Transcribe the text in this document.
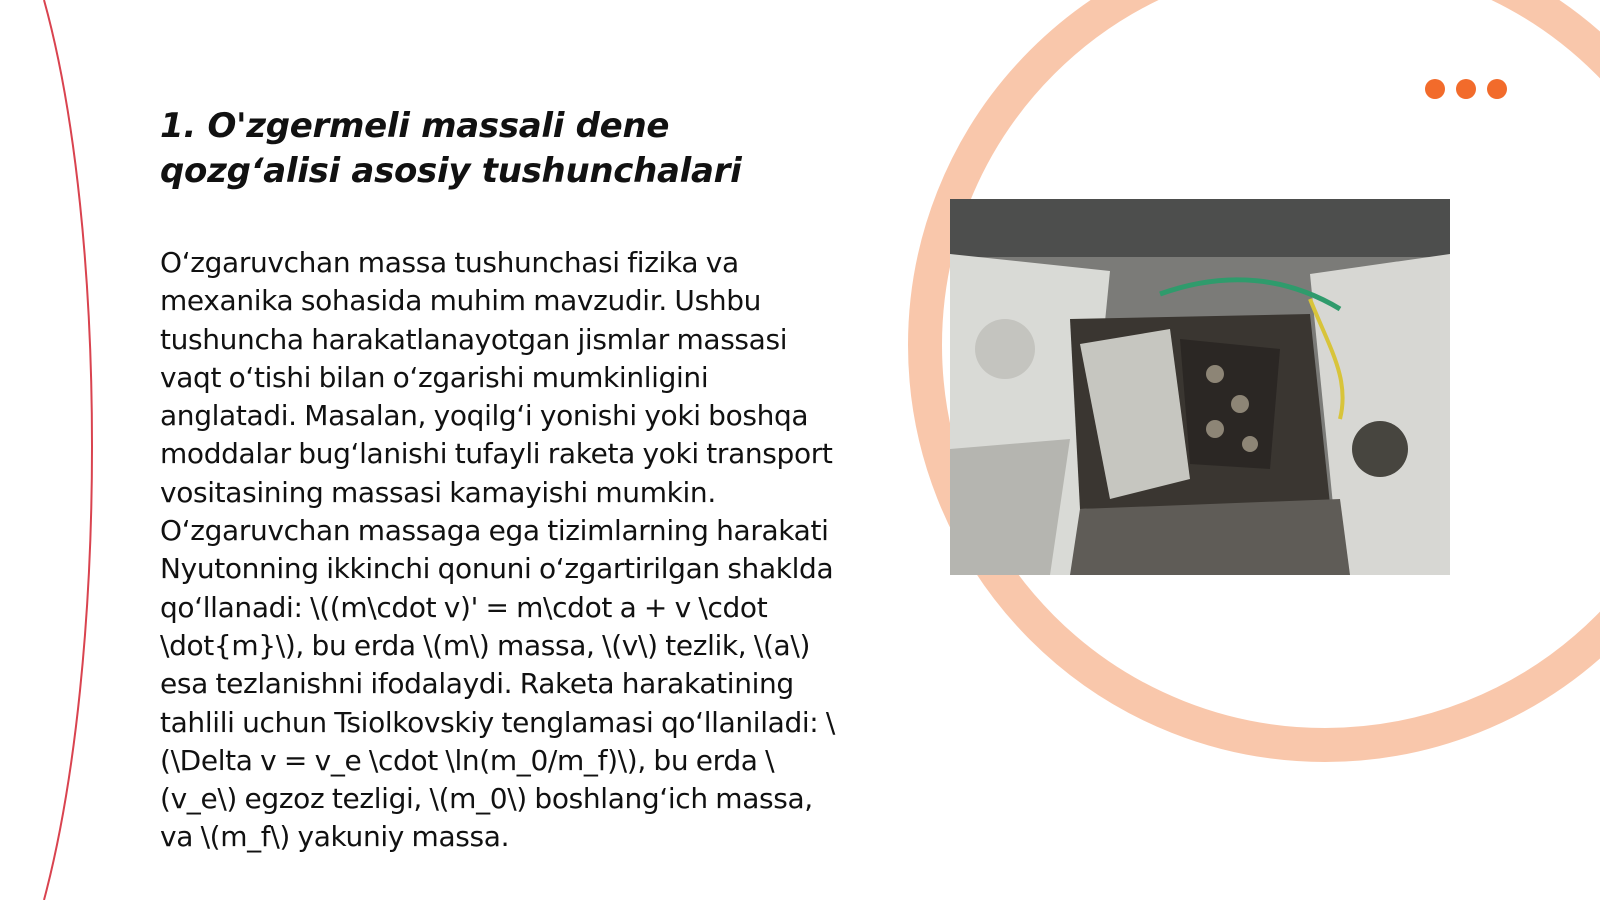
1. O'zgermeli massali dene qozg‘alisi asosiy tushunchalari

O‘zgaruvchan massa tushunchasi fizika va mexanika sohasida muhim mavzudir. Ushbu tushuncha harakatlanayotgan jismlar massasi vaqt o‘tishi bilan o‘zgarishi mumkinligini anglatadi. Masalan, yoqilg‘i yonishi yoki boshqa moddalar bug‘lanishi tufayli raketa yoki transport vositasining massasi kamayishi mumkin. O‘zgaruvchan massaga ega tizimlarning harakati Nyutonning ikkinchi qonuni o‘zgartirilgan shaklda qo‘llanadi: \((m\cdot v)' = m\cdot a + v \cdot \dot{m}\), bu erda \(m\) massa, \(v\) tezlik, \(a\) esa tezlanishni ifodalaydi. Raketa harakatining tahlili uchun Tsiolkovskiy tenglamasi qo‘llaniladi: \(\Delta v = v_e \cdot \ln(m_0/m_f)\), bu erda \(v_e\) egzoz tezligi, \(m_0\) boshlang‘ich massa, va \(m_f\) yakuniy massa.
